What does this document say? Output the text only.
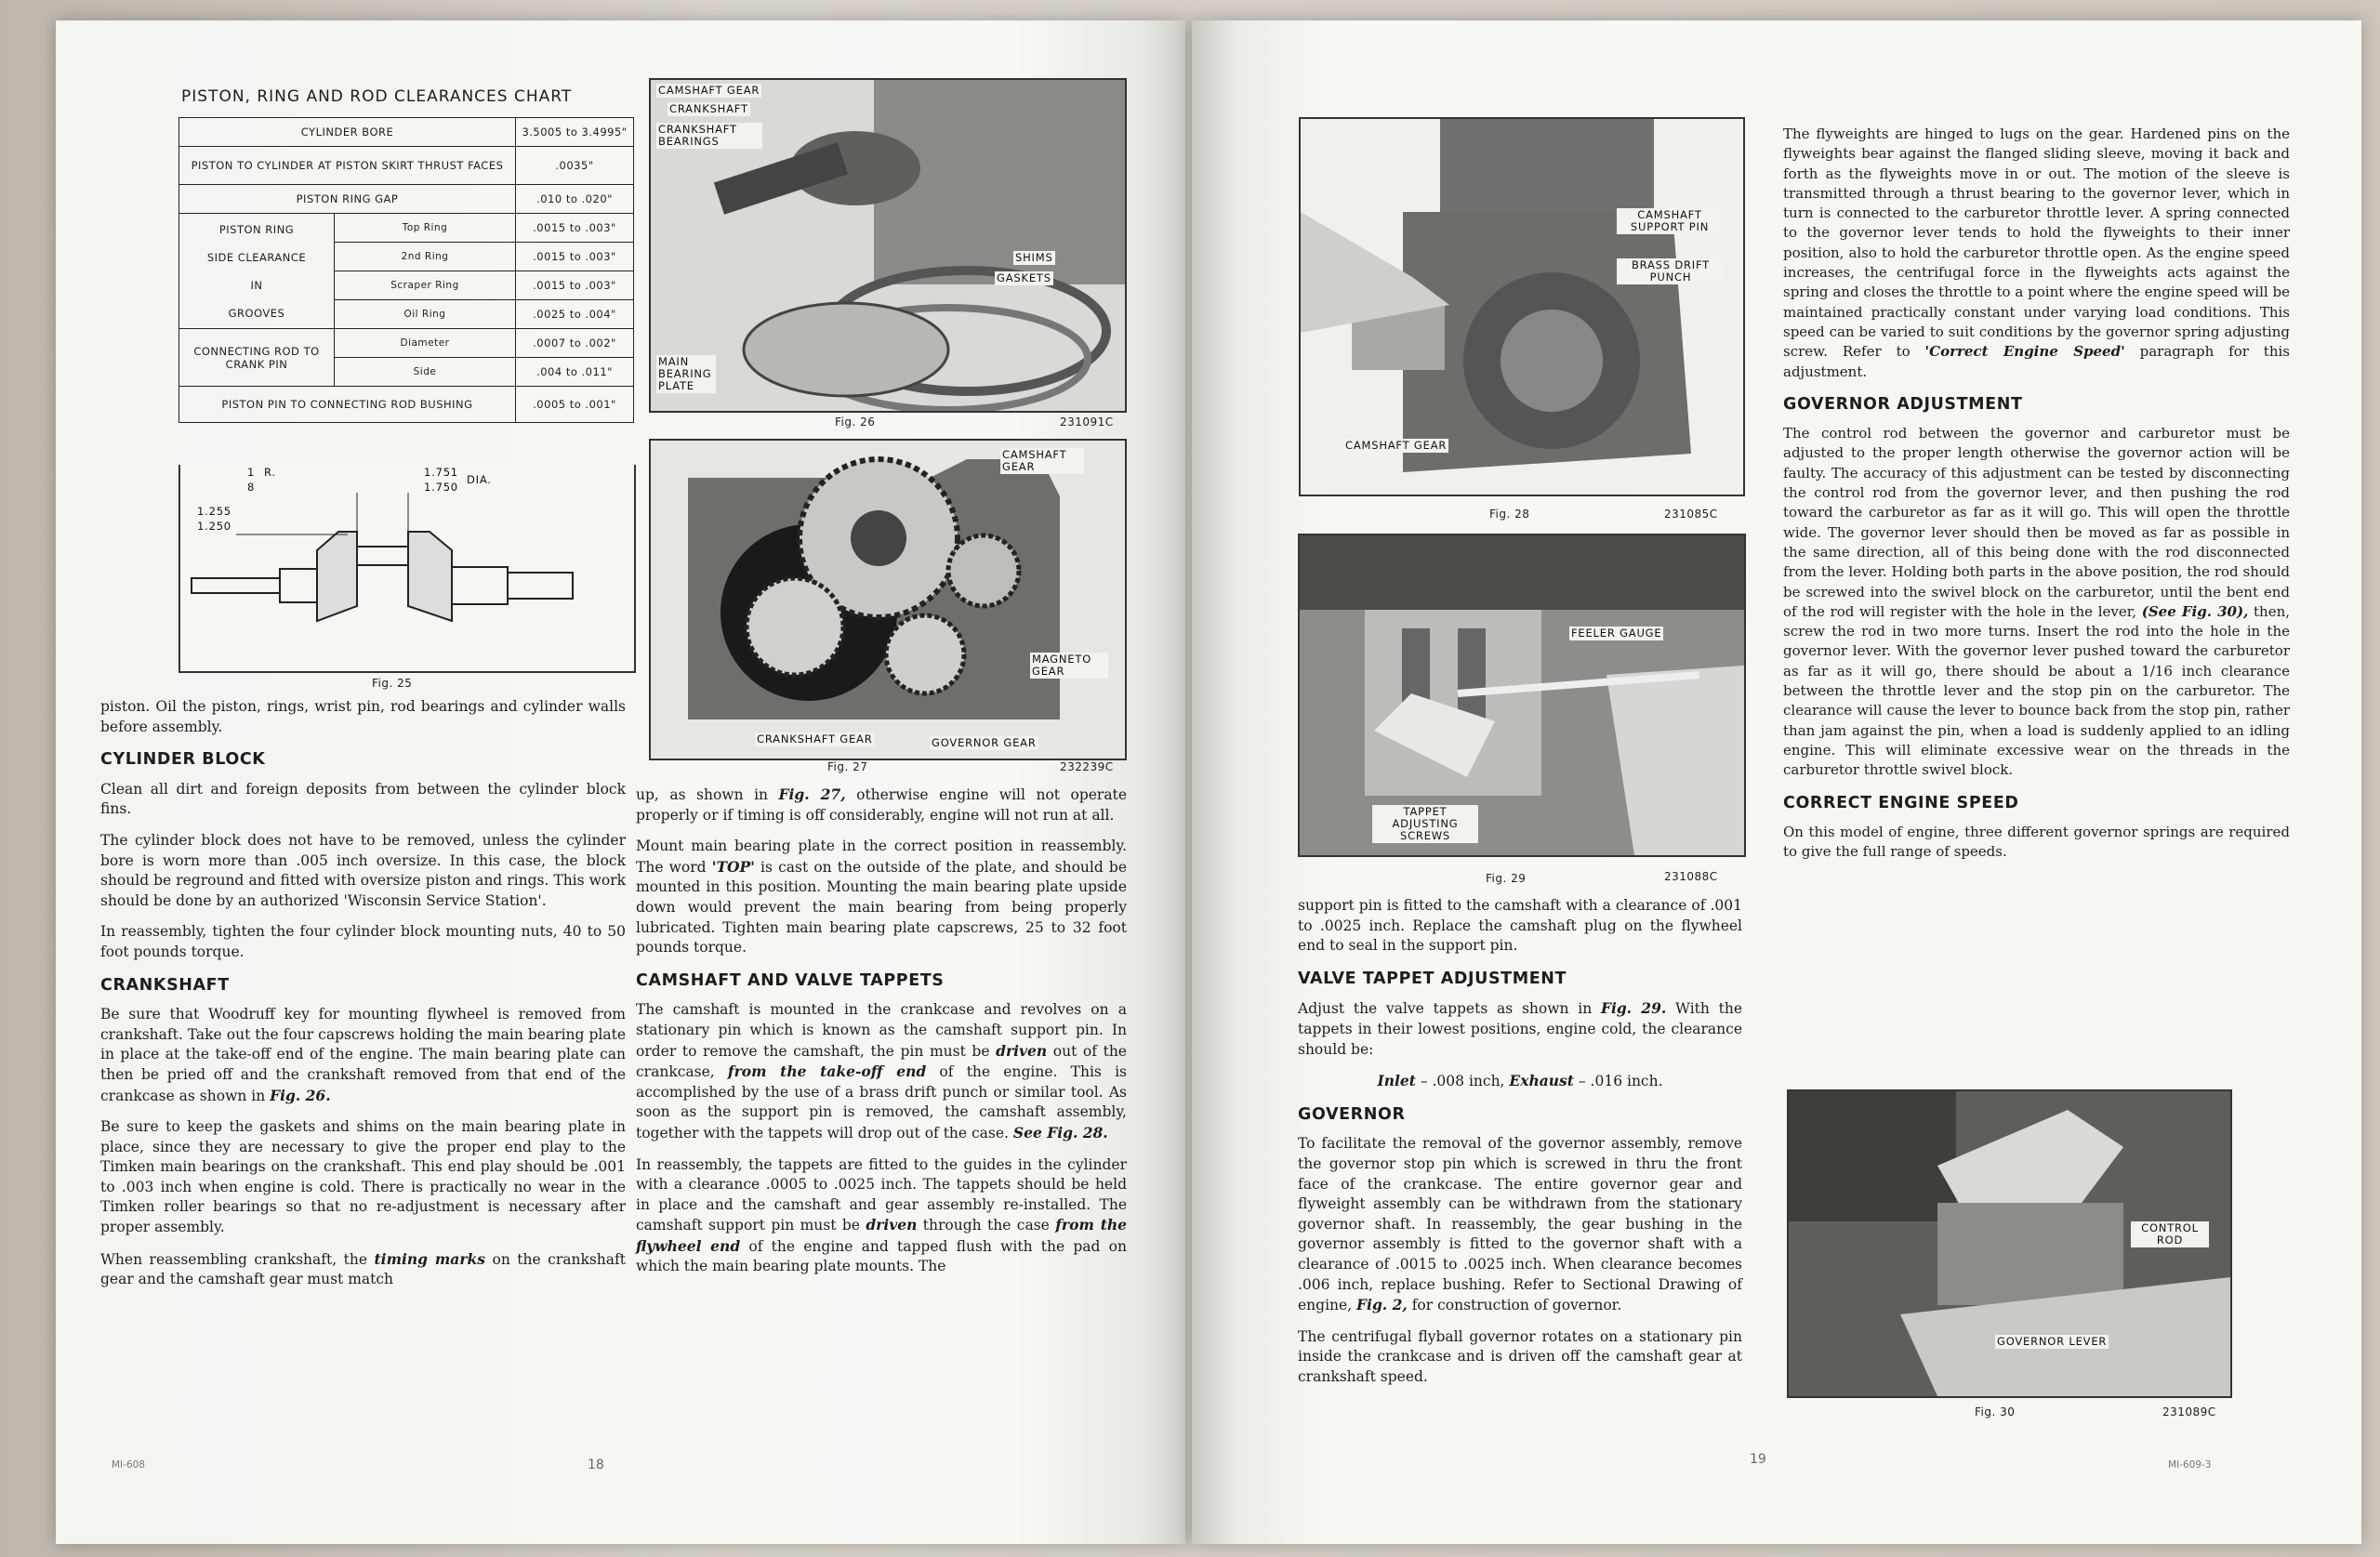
PISTON, RING AND ROD CLEARANCES CHART
CYLINDER BORE		3.5005 to 3.4995"
PISTON TO CYLINDER AT PISTON SKIRT THRUST FACES		.0035"
PISTON RING GAP		.010 to .020"
PISTON RING
SIDE CLEARANCE
IN
GROOVES	Top Ring	.0015 to .003"
	2nd Ring	.0015 to .003"
	Scraper Ring	.0015 to .003"
	Oil Ring	.0025 to .004"
CONNECTING ROD TO CRANK PIN	Diameter	.0007 to .002"
	Side	.004 to .011"
PISTON PIN TO CONNECTING ROD BUSHING		.0005 to .001"
1 R.
8
1.751
1.750
DIA.
1.255
1.250
Fig. 25

piston. Oil the piston, rings, wrist pin, rod bearings and cylinder walls before assembly.

CYLINDER BLOCK

Clean all dirt and foreign deposits from between the cylinder block fins.

The cylinder block does not have to be removed, unless the cylinder bore is worn more than .005 inch oversize. In this case, the block should be reground and fitted with oversize piston and rings. This work should be done by an authorized 'Wisconsin Service Station'.

In reassembly, tighten the four cylinder block mounting nuts, 40 to 50 foot pounds torque.

CRANKSHAFT

Be sure that Woodruff key for mounting flywheel is removed from crankshaft. Take out the four capscrews holding the main bearing plate in place at the take-off end of the engine. The main bearing plate can then be pried off and the crankshaft removed from that end of the crankcase as shown in Fig. 26.

Be sure to keep the gaskets and shims on the main bearing plate in place, since they are necessary to give the proper end play to the Timken main bearings on the crankshaft. This end play should be .001 to .003 inch when engine is cold. There is practically no wear in the Timken roller bearings so that no re-adjustment is necessary after proper assembly.

When reassembling crankshaft, the timing marks on the crankshaft gear and the camshaft gear must match

CAMSHAFT GEAR
CRANKSHAFT
CRANKSHAFT BEARINGS
SHIMS
GASKETS
MAIN BEARING PLATE
Fig. 26	231091C
CAMSHAFT GEAR
MAGNETO GEAR
CRANKSHAFT GEAR	GOVERNOR GEAR
Fig. 27	232239C

up, as shown in Fig. 27, otherwise engine will not operate properly or if timing is off considerably, engine will not run at all.

Mount main bearing plate in the correct position in reassembly. The word 'TOP' is cast on the outside of the plate, and should be mounted in this position. Mounting the main bearing plate upside down would prevent the main bearing from being properly lubricated. Tighten main bearing plate capscrews, 25 to 32 foot pounds torque.

CAMSHAFT AND VALVE TAPPETS

The camshaft is mounted in the crankcase and revolves on a stationary pin which is known as the camshaft support pin. In order to remove the camshaft, the pin must be driven out of the crankcase, from the take-off end of the engine. This is accomplished by the use of a brass drift punch or similar tool. As soon as the support pin is removed, the camshaft assembly, together with the tappets will drop out of the case. See Fig. 28.

In reassembly, the tappets are fitted to the guides in the cylinder with a clearance .0005 to .0025 inch. The tappets should be held in place and the camshaft and gear assembly re-installed. The camshaft support pin must be driven through the case from the flywheel end of the engine and tapped flush with the pad on which the main bearing plate mounts. The

MI-608	18
CAMSHAFT SUPPORT PIN
BRASS DRIFT PUNCH
CAMSHAFT GEAR
Fig. 28	231085C
FEELER GAUGE
TAPPET ADJUSTING SCREWS
Fig. 29	231088C

support pin is fitted to the camshaft with a clearance of .001 to .0025 inch. Replace the camshaft plug on the flywheel end to seal in the support pin.

VALVE TAPPET ADJUSTMENT

Adjust the valve tappets as shown in Fig. 29. With the tappets in their lowest positions, engine cold, the clearance should be:

Inlet – .008 inch, Exhaust – .016 inch.

GOVERNOR

To facilitate the removal of the governor assembly, remove the governor stop pin which is screwed in thru the front face of the crankcase. The entire governor gear and flyweight assembly can be withdrawn from the stationary governor shaft. In reassembly, the gear bushing in the governor assembly is fitted to the governor shaft with a clearance of .0015 to .0025 inch. When clearance becomes .006 inch, replace bushing. Refer to Sectional Drawing of engine, Fig. 2, for construction of governor.

The centrifugal flyball governor rotates on a stationary pin inside the crankcase and is driven off the camshaft gear at crankshaft speed.

The flyweights are hinged to lugs on the gear. Hardened pins on the flyweights bear against the flanged sliding sleeve, moving it back and forth as the flyweights move in or out. The motion of the sleeve is transmitted through a thrust bearing to the governor lever, which in turn is connected to the carburetor throttle lever. A spring connected to the governor lever tends to hold the flyweights to their inner position, also to hold the carburetor throttle open. As the engine speed increases, the centrifugal force in the flyweights acts against the spring and closes the throttle to a point where the engine speed will be maintained practically constant under varying load conditions. This speed can be varied to suit conditions by the governor spring adjusting screw. Refer to 'Correct Engine Speed' paragraph for this adjustment.

GOVERNOR ADJUSTMENT

The control rod between the governor and carburetor must be adjusted to the proper length otherwise the governor action will be faulty. The accuracy of this adjustment can be tested by disconnecting the control rod from the governor lever, and then pushing the rod toward the carburetor as far as it will go. This will open the throttle wide. The governor lever should then be moved as far as possible in the same direction, all of this being done with the rod disconnected from the lever. Holding both parts in the above position, the rod should be screwed into the swivel block on the carburetor, until the bent end of the rod will register with the hole in the lever, (See Fig. 30), then, screw the rod in two more turns. Insert the rod into the hole in the governor lever. With the governor lever pushed toward the carburetor as far as it will go, there should be about a 1/16 inch clearance between the throttle lever and the stop pin on the carburetor. The clearance will cause the lever to bounce back from the stop pin, rather than jam against the pin, when a load is suddenly applied to an idling engine. This will eliminate excessive wear on the threads in the carburetor throttle swivel block.

CORRECT ENGINE SPEED

On this model of engine, three different governor springs are required to give the full range of speeds.

CONTROL ROD
GOVERNOR LEVER
Fig. 30	231089C
19	MI-609-3
